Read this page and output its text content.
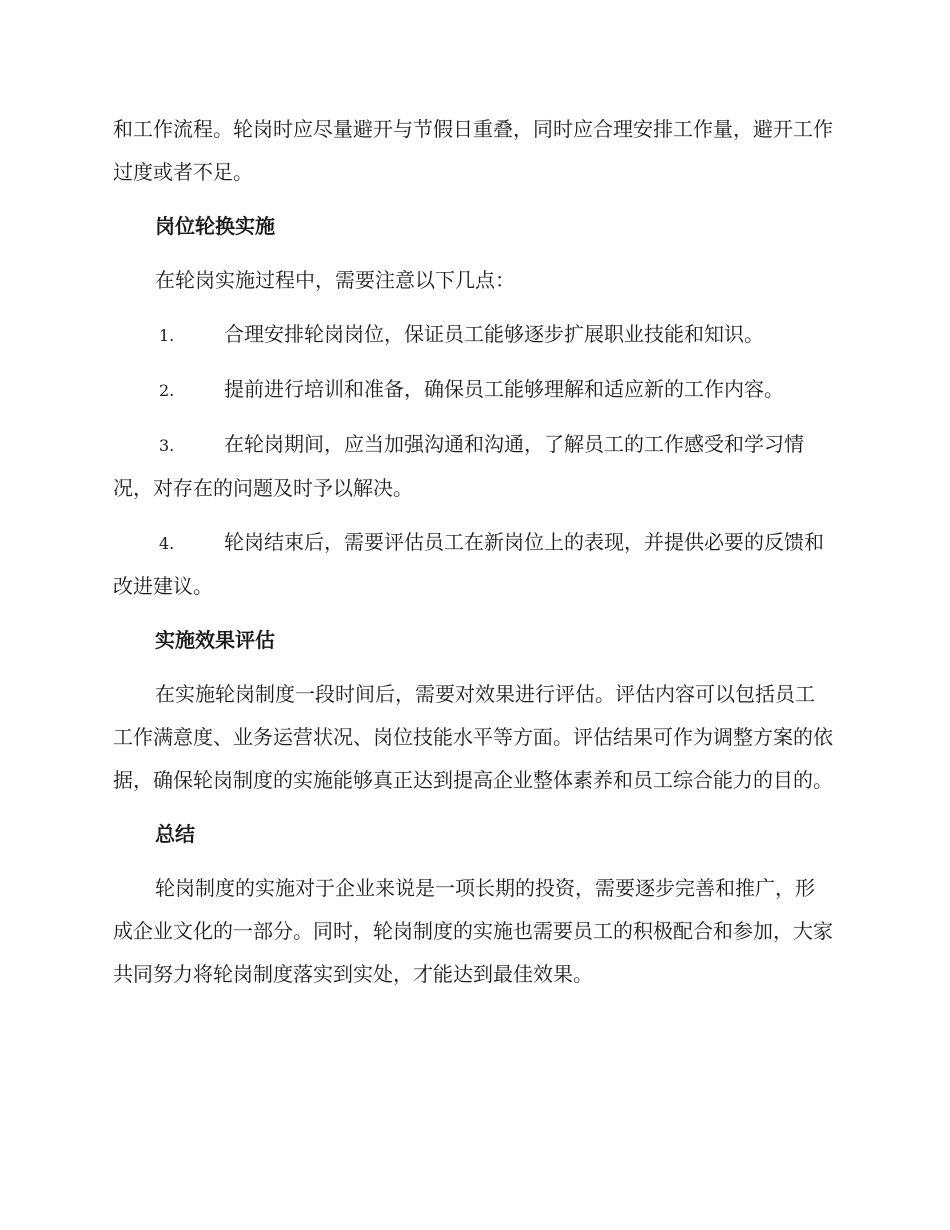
和工作流程。轮岗时应尽量避开与节假日重叠，同时应合理安排工作量，避开工作过度或者不足。

岗位轮换实施

在轮岗实施过程中，需要注意以下几点：

1. 合理安排轮岗岗位，保证员工能够逐步扩展职业技能和知识。

2. 提前进行培训和准备，确保员工能够理解和适应新的工作内容。

3. 在轮岗期间，应当加强沟通和沟通，了解员工的工作感受和学习情况，对存在的问题及时予以解决。

4. 轮岗结束后，需要评估员工在新岗位上的表现，并提供必要的反馈和改进建议。

实施效果评估

在实施轮岗制度一段时间后，需要对效果进行评估。评估内容可以包括员工工作满意度、业务运营状况、岗位技能水平等方面。评估结果可作为调整方案的依据，确保轮岗制度的实施能够真正达到提高企业整体素养和员工综合能力的目的。

总结

轮岗制度的实施对于企业来说是一项长期的投资，需要逐步完善和推广，形成企业文化的一部分。同时，轮岗制度的实施也需要员工的积极配合和参加，大家共同努力将轮岗制度落实到实处，才能达到最佳效果。
